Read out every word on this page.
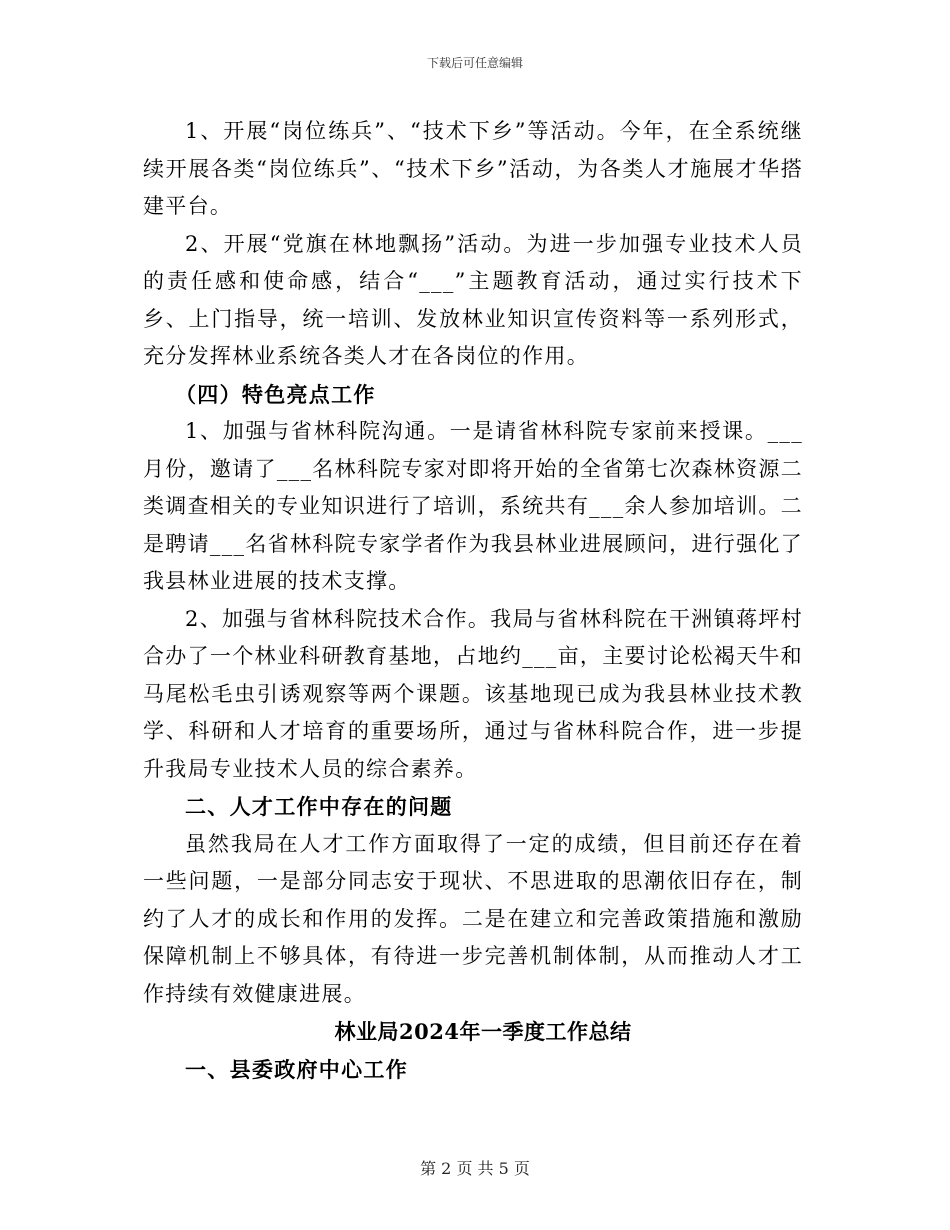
下载后可任意编辑

1、开展“岗位练兵”、“技术下乡”等活动。今年，在全系统继续开展各类“岗位练兵”、“技术下乡”活动，为各类人才施展才华搭建平台。

2、开展“党旗在林地飘扬”活动。为进一步加强专业技术人员的责任感和使命感，结合“___”主题教育活动，通过实行技术下乡、上门指导，统一培训、发放林业知识宣传资料等一系列形式，充分发挥林业系统各类人才在各岗位的作用。

（四）特色亮点工作

1、加强与省林科院沟通。一是请省林科院专家前来授课。___月份，邀请了___名林科院专家对即将开始的全省第七次森林资源二类调查相关的专业知识进行了培训，系统共有___余人参加培训。二是聘请___名省林科院专家学者作为我县林业进展顾问，进行强化了我县林业进展的技术支撑。

2、加强与省林科院技术合作。我局与省林科院在干洲镇蒋坪村合办了一个林业科研教育基地，占地约___亩，主要讨论松褐天牛和马尾松毛虫引诱观察等两个课题。该基地现已成为我县林业技术教学、科研和人才培育的重要场所，通过与省林科院合作，进一步提升我局专业技术人员的综合素养。

二、人才工作中存在的问题

虽然我局在人才工作方面取得了一定的成绩，但目前还存在着一些问题，一是部分同志安于现状、不思进取的思潮依旧存在，制约了人才的成长和作用的发挥。二是在建立和完善政策措施和激励保障机制上不够具体，有待进一步完善机制体制，从而推动人才工作持续有效健康进展。

林业局2024年一季度工作总结

一、县委政府中心工作

第 2 页 共 5 页
